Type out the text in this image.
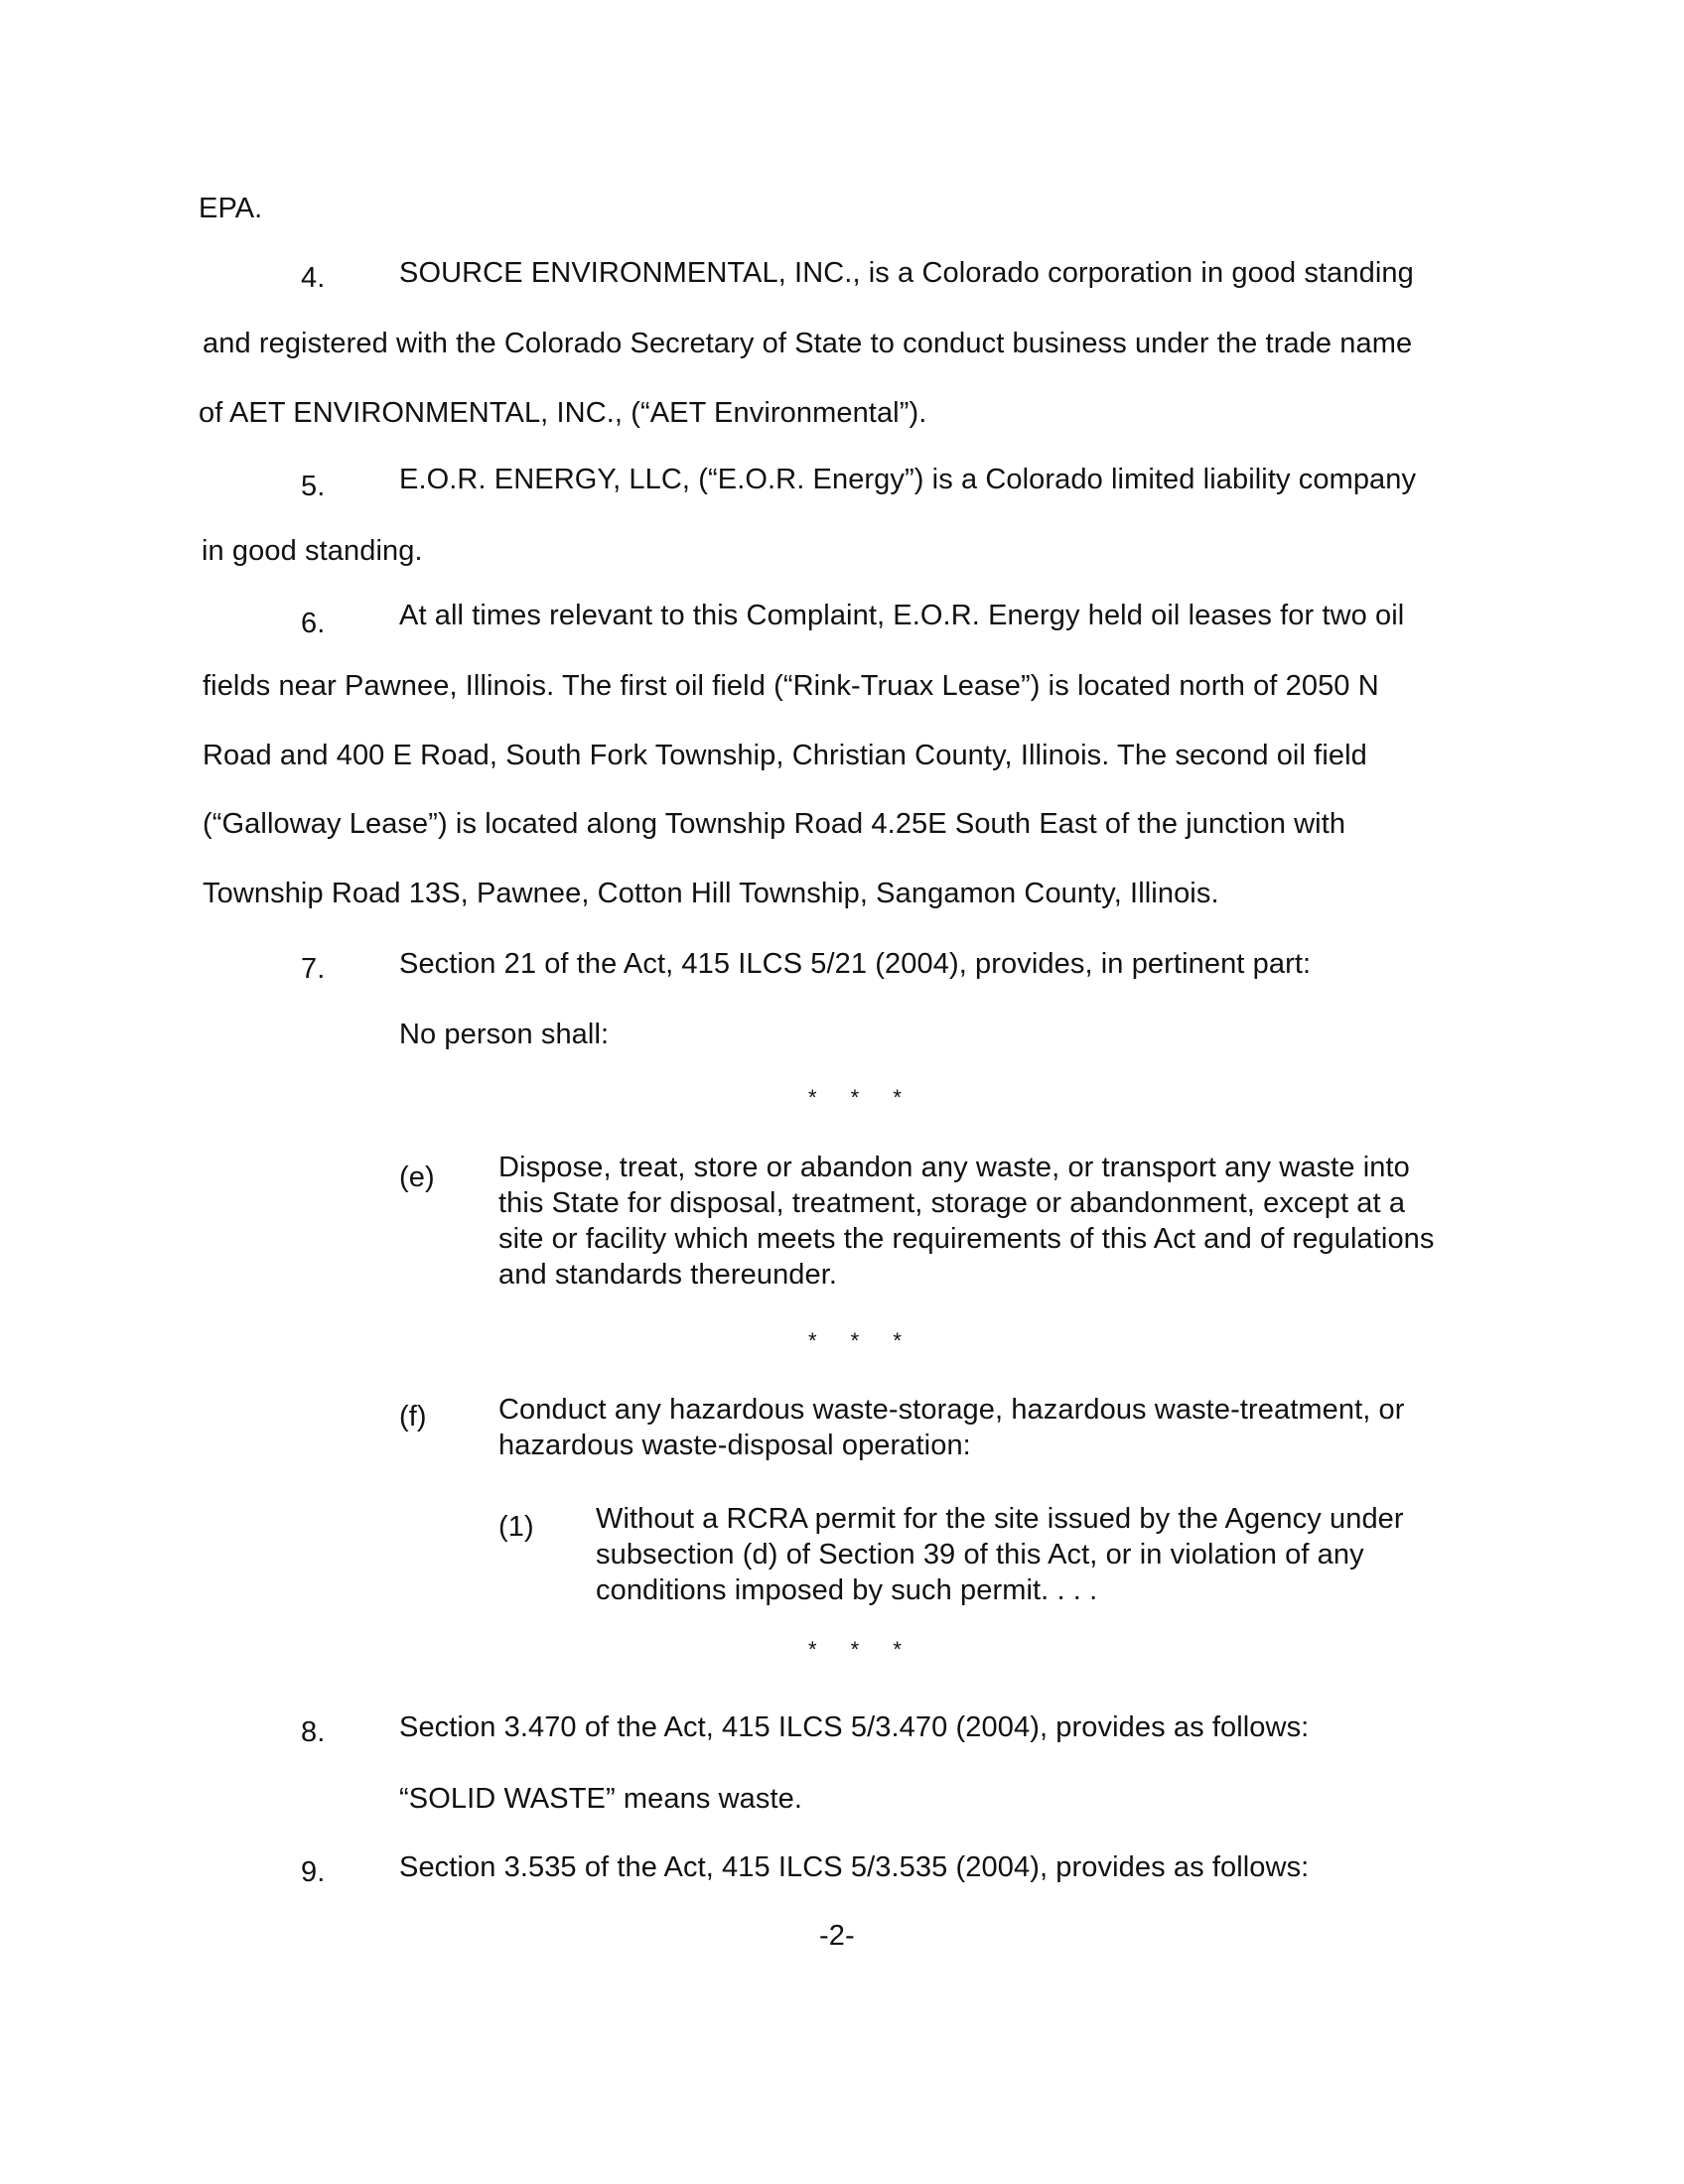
EPA.
4.	SOURCE ENVIRONMENTAL, INC., is a Colorado corporation in good standing
and registered with the Colorado Secretary of State to conduct business under the trade name
of AET ENVIRONMENTAL, INC., (“AET Environmental”).
5.	E.O.R. ENERGY, LLC, (“E.O.R. Energy”) is a Colorado limited liability company
in good standing.
6.	At all times relevant to this Complaint, E.O.R. Energy held oil leases for two oil
fields near Pawnee, Illinois. The first oil field (“Rink-Truax Lease”) is located north of 2050 N
Road and 400 E Road, South Fork Township, Christian County, Illinois. The second oil field
(“Galloway Lease”) is located along Township Road 4.25E South East of the junction with
Township Road 13S, Pawnee, Cotton Hill Township, Sangamon County, Illinois.
7.	Section 21 of the Act, 415 ILCS 5/21 (2004), provides, in pertinent part:
No person shall:
* * *
(e) Dispose, treat, store or abandon any waste, or transport any waste into
this State for disposal, treatment, storage or abandonment, except at a
site or facility which meets the requirements of this Act and of regulations
and standards thereunder.
* * *
(f) Conduct any hazardous waste-storage, hazardous waste-treatment, or
hazardous waste-disposal operation:
(1) Without a RCRA permit for the site issued by the Agency under
subsection (d) of Section 39 of this Act, or in violation of any
conditions imposed by such permit. . . .
* * *
8.	Section 3.470 of the Act, 415 ILCS 5/3.470 (2004), provides as follows:
“SOLID WASTE” means waste.
9.	Section 3.535 of the Act, 415 ILCS 5/3.535 (2004), provides as follows:
-2-
